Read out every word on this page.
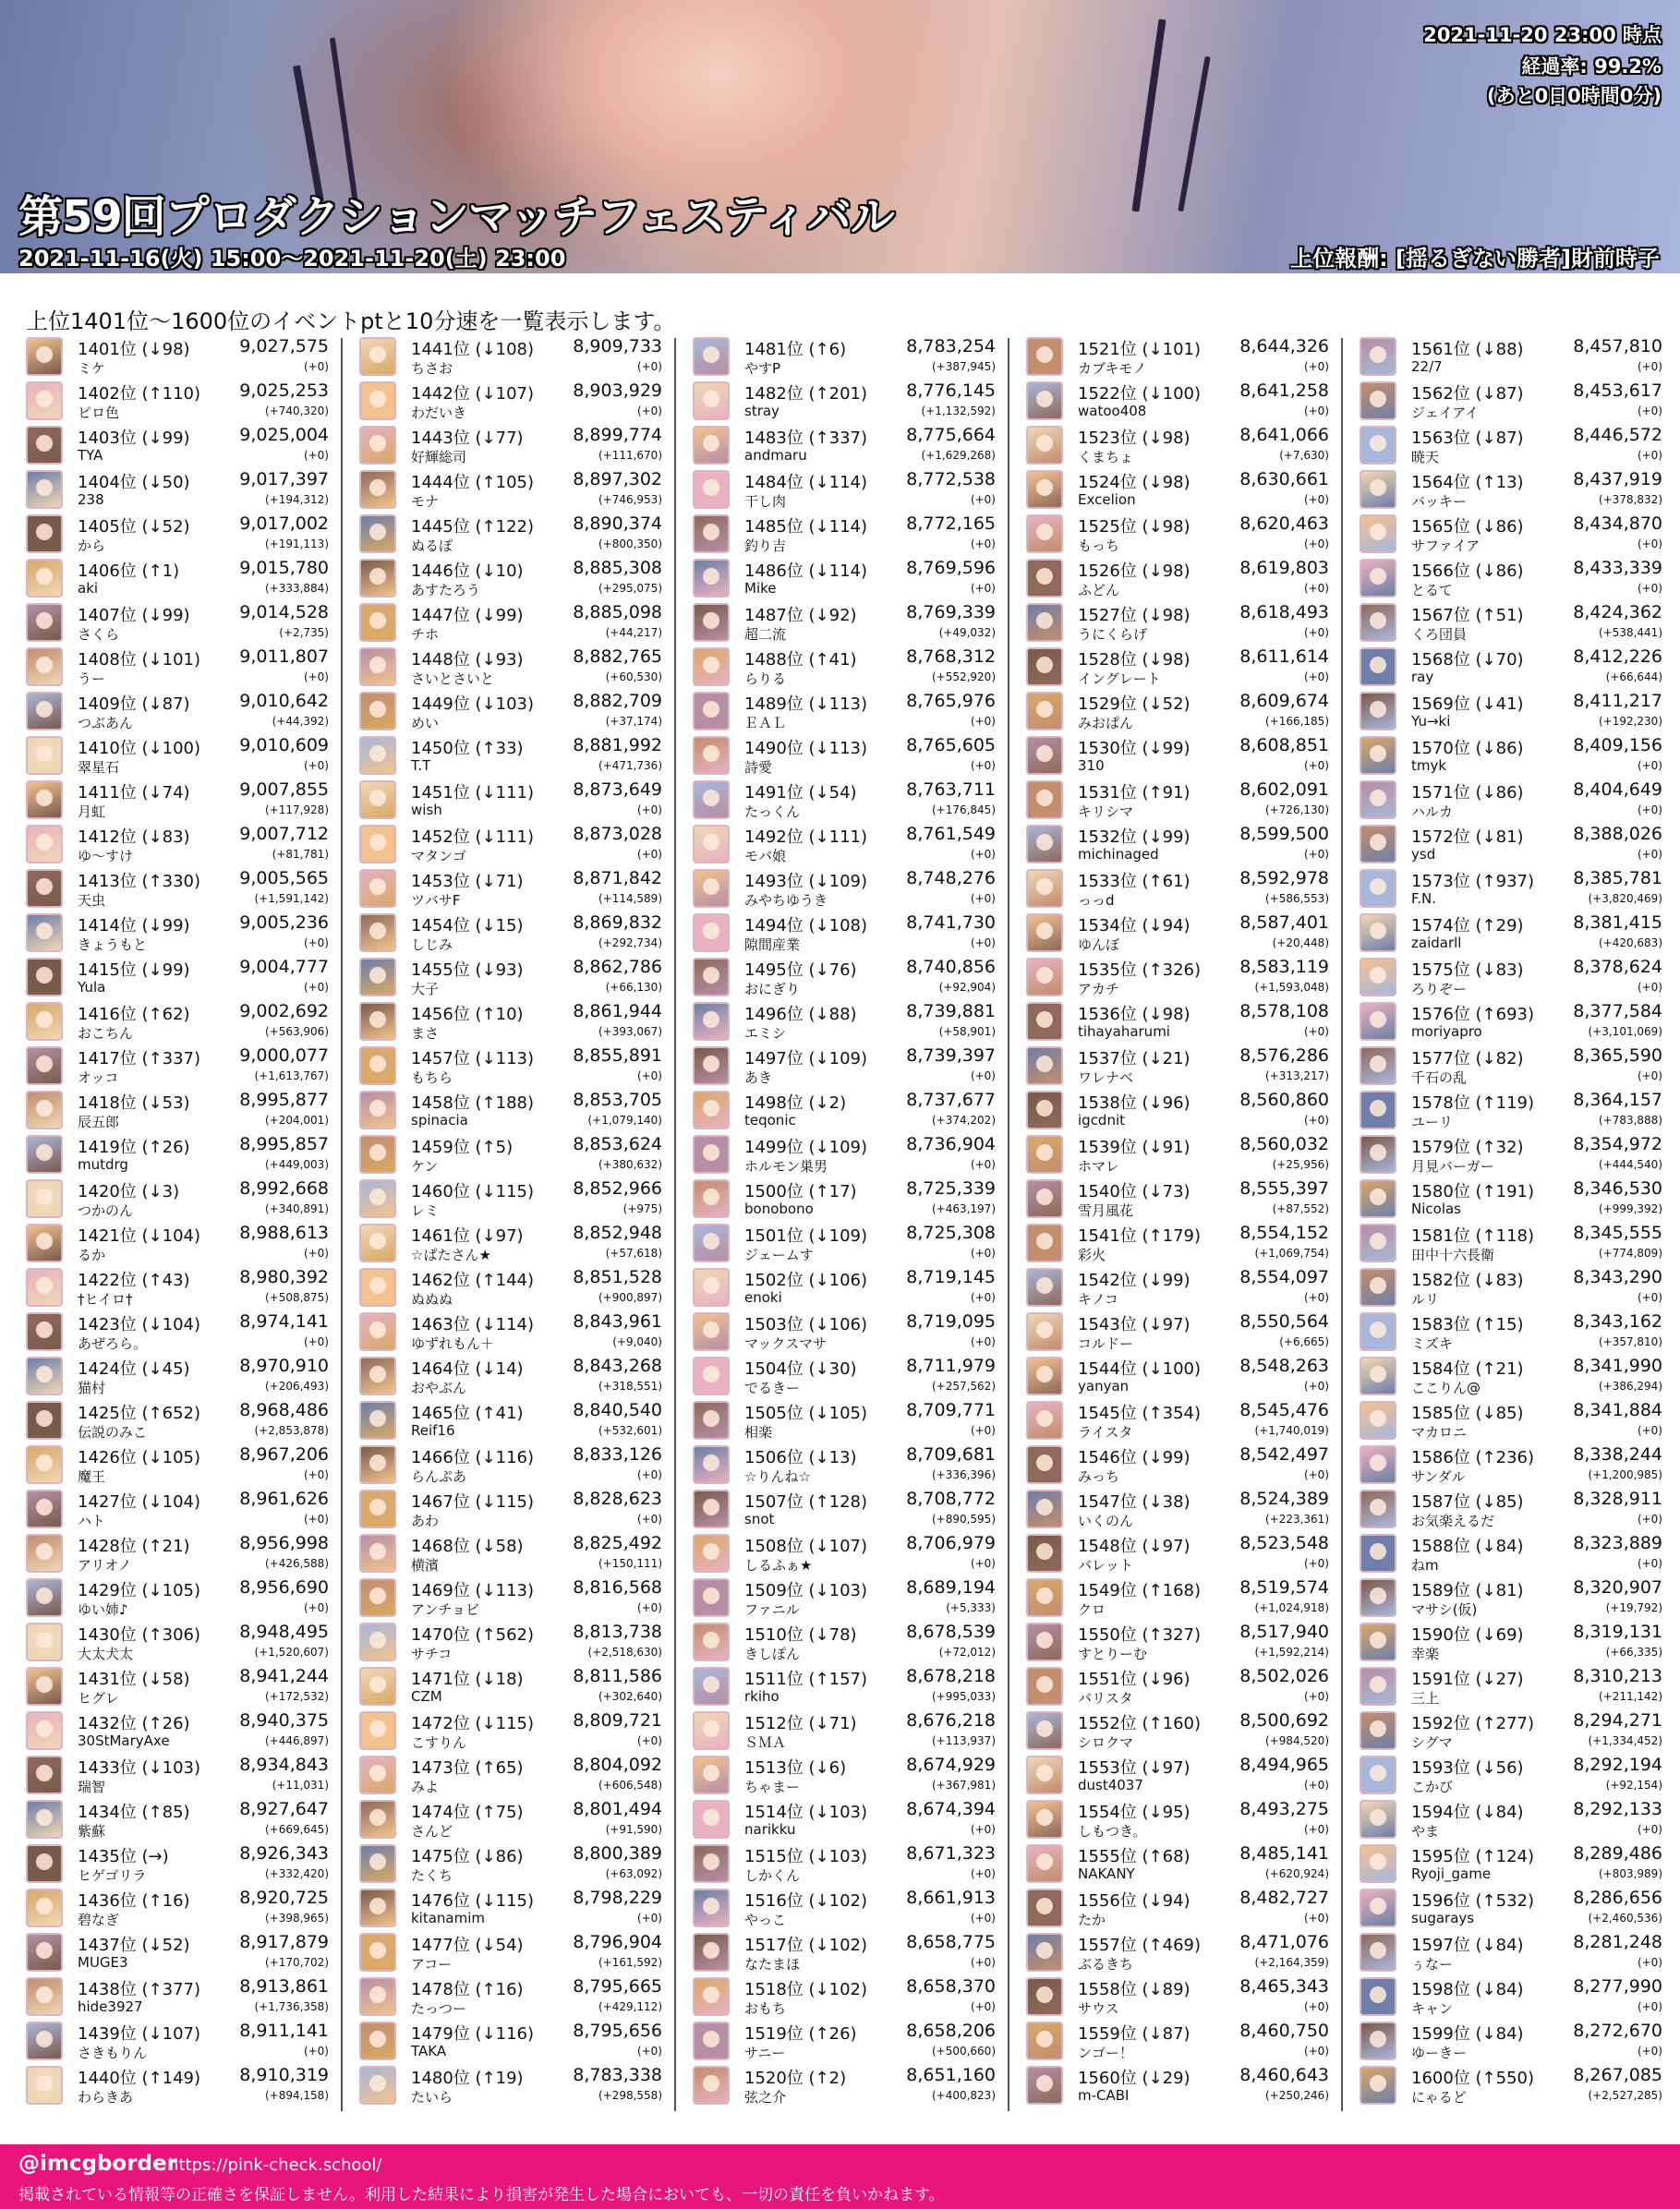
2021-11-20 23:00 時点
経過率: 99.2%
(あと0日0時間0分)
第59回プロダクションマッチフェスティバル
2021-11-16(火) 15:00～2021-11-20(土) 23:00	上位報酬: [揺るぎない勝者]財前時子
上位1401位～1600位のイベントptと10分速を一覧表示します。
1401位 (↓98)
ミケ
9,027,575
(+0)
1402位 (↑110)
ピロ色
9,025,253
(+740,320)
1403位 (↓99)
TYA
9,025,004
(+0)
1404位 (↓50)
238
9,017,397
(+194,312)
1405位 (↓52)
から
9,017,002
(+191,113)
1406位 (↑1)
aki
9,015,780
(+333,884)
1407位 (↓99)
さくら
9,014,528
(+2,735)
1408位 (↓101)
うー
9,011,807
(+0)
1409位 (↓87)
つぶあん
9,010,642
(+44,392)
1410位 (↓100)
翠星石
9,010,609
(+0)
1411位 (↓74)
月虹
9,007,855
(+117,928)
1412位 (↓83)
ゆ～すけ
9,007,712
(+81,781)
1413位 (↑330)
天虫
9,005,565
(+1,591,142)
1414位 (↓99)
きょうもと
9,005,236
(+0)
1415位 (↓99)
Yula
9,004,777
(+0)
1416位 (↑62)
おこちん
9,002,692
(+563,906)
1417位 (↑337)
オッコ
9,000,077
(+1,613,767)
1418位 (↓53)
辰五郎
8,995,877
(+204,001)
1419位 (↑26)
mutdrg
8,995,857
(+449,003)
1420位 (↓3)
つかのん
8,992,668
(+340,891)
1421位 (↓104)
るか
8,988,613
(+0)
1422位 (↑43)
†ヒイロ†
8,980,392
(+508,875)
1423位 (↓104)
あぜろら。
8,974,141
(+0)
1424位 (↓45)
猫村
8,970,910
(+206,493)
1425位 (↑652)
伝説のみこ
8,968,486
(+2,853,878)
1426位 (↓105)
魔王
8,967,206
(+0)
1427位 (↓104)
ハト
8,961,626
(+0)
1428位 (↑21)
アリオノ
8,956,998
(+426,588)
1429位 (↓105)
ゆい姉♪
8,956,690
(+0)
1430位 (↑306)
大太犬太
8,948,495
(+1,520,607)
1431位 (↓58)
ヒグレ
8,941,244
(+172,532)
1432位 (↑26)
30StMaryAxe
8,940,375
(+446,897)
1433位 (↓103)
瑞智
8,934,843
(+11,031)
1434位 (↑85)
紫蘇
8,927,647
(+669,645)
1435位 (→)
ヒゲゴリラ
8,926,343
(+332,420)
1436位 (↑16)
碧なぎ
8,920,725
(+398,965)
1437位 (↓52)
MUGE3
8,917,879
(+170,702)
1438位 (↑377)
hide3927
8,913,861
(+1,736,358)
1439位 (↓107)
さきもりん
8,911,141
(+0)
1440位 (↑149)
わらきあ
8,910,319
(+894,158)
1441位 (↓108)
ちさお
8,909,733
(+0)
1442位 (↓107)
わだいき
8,903,929
(+0)
1443位 (↓77)
好輝総司
8,899,774
(+111,670)
1444位 (↑105)
モナ
8,897,302
(+746,953)
1445位 (↑122)
ぬるぽ
8,890,374
(+800,350)
1446位 (↓10)
あすたろう
8,885,308
(+295,075)
1447位 (↓99)
チホ
8,885,098
(+44,217)
1448位 (↓93)
さいとさいと
8,882,765
(+60,530)
1449位 (↓103)
めい
8,882,709
(+37,174)
1450位 (↑33)
T.T
8,881,992
(+471,736)
1451位 (↓111)
wish
8,873,649
(+0)
1452位 (↓111)
マタンゴ
8,873,028
(+0)
1453位 (↓71)
ツバサF
8,871,842
(+114,589)
1454位 (↓15)
しじみ
8,869,832
(+292,734)
1455位 (↓93)
大子
8,862,786
(+66,130)
1456位 (↑10)
まさ
8,861,944
(+393,067)
1457位 (↓113)
もちら
8,855,891
(+0)
1458位 (↑188)
spinacia
8,853,705
(+1,079,140)
1459位 (↑5)
ケン
8,853,624
(+380,632)
1460位 (↓115)
レミ
8,852,966
(+975)
1461位 (↓97)
☆ぱたさん★
8,852,948
(+57,618)
1462位 (↑144)
ぬぬぬ
8,851,528
(+900,897)
1463位 (↓114)
ゆずれもん＋
8,843,961
(+9,040)
1464位 (↓14)
おやぶん
8,843,268
(+318,551)
1465位 (↑41)
Reif16
8,840,540
(+532,601)
1466位 (↓116)
らんぷあ
8,833,126
(+0)
1467位 (↓115)
あわ
8,828,623
(+0)
1468位 (↓58)
横濱
8,825,492
(+150,111)
1469位 (↓113)
アンチョビ
8,816,568
(+0)
1470位 (↑562)
サチコ
8,813,738
(+2,518,630)
1471位 (↓18)
CZM
8,811,586
(+302,640)
1472位 (↓115)
こすりん
8,809,721
(+0)
1473位 (↑65)
みよ
8,804,092
(+606,548)
1474位 (↑75)
さんど
8,801,494
(+91,590)
1475位 (↓86)
たくち
8,800,389
(+63,092)
1476位 (↓115)
kitanamim
8,798,229
(+0)
1477位 (↓54)
アコー
8,796,904
(+161,592)
1478位 (↑16)
たっつー
8,795,665
(+429,112)
1479位 (↓116)
TAKA
8,795,656
(+0)
1480位 (↑19)
たいら
8,783,338
(+298,558)
1481位 (↑6)
やすP
8,783,254
(+387,945)
1482位 (↑201)
stray
8,776,145
(+1,132,592)
1483位 (↑337)
andmaru
8,775,664
(+1,629,268)
1484位 (↓114)
干し肉
8,772,538
(+0)
1485位 (↓114)
釣り吉
8,772,165
(+0)
1486位 (↓114)
Mike
8,769,596
(+0)
1487位 (↓92)
超二流
8,769,339
(+49,032)
1488位 (↑41)
らりる
8,768,312
(+552,920)
1489位 (↓113)
ＥＡＬ
8,765,976
(+0)
1490位 (↓113)
詩愛
8,765,605
(+0)
1491位 (↓54)
たっくん
8,763,711
(+176,845)
1492位 (↓111)
モバ娘
8,761,549
(+0)
1493位 (↓109)
みやちゆうき
8,748,276
(+0)
1494位 (↓108)
隙間産業
8,741,730
(+0)
1495位 (↓76)
おにぎり
8,740,856
(+92,904)
1496位 (↓88)
エミシ
8,739,881
(+58,901)
1497位 (↓109)
あき
8,739,397
(+0)
1498位 (↓2)
teqonic
8,737,677
(+374,202)
1499位 (↓109)
ホルモン巣男
8,736,904
(+0)
1500位 (↑17)
bonobono
8,725,339
(+463,197)
1501位 (↓109)
ジェームす
8,725,308
(+0)
1502位 (↓106)
enoki
8,719,145
(+0)
1503位 (↓106)
マックスマサ
8,719,095
(+0)
1504位 (↓30)
でるきー
8,711,979
(+257,562)
1505位 (↓105)
相楽
8,709,771
(+0)
1506位 (↓13)
☆りんね☆
8,709,681
(+336,396)
1507位 (↑128)
snot
8,708,772
(+890,595)
1508位 (↓107)
しるふぁ★
8,706,979
(+0)
1509位 (↓103)
ファニル
8,689,194
(+5,333)
1510位 (↓78)
きしぽん
8,678,539
(+72,012)
1511位 (↑157)
rkiho
8,678,218
(+995,033)
1512位 (↓71)
ＳＭＡ
8,676,218
(+113,937)
1513位 (↓6)
ちゃまー
8,674,929
(+367,981)
1514位 (↓103)
narikku
8,674,394
(+0)
1515位 (↓103)
しかくん
8,671,323
(+0)
1516位 (↓102)
やっこ
8,661,913
(+0)
1517位 (↓102)
なたまほ
8,658,775
(+0)
1518位 (↓102)
おもち
8,658,370
(+0)
1519位 (↑26)
サニー
8,658,206
(+500,660)
1520位 (↑2)
弦之介
8,651,160
(+400,823)
1521位 (↓101)
カブキモノ
8,644,326
(+0)
1522位 (↓100)
watoo408
8,641,258
(+0)
1523位 (↓98)
くまちょ
8,641,066
(+7,630)
1524位 (↓98)
Excelion
8,630,661
(+0)
1525位 (↓98)
もっち
8,620,463
(+0)
1526位 (↓98)
ふどん
8,619,803
(+0)
1527位 (↓98)
うにくらげ
8,618,493
(+0)
1528位 (↓98)
イングレート
8,611,614
(+0)
1529位 (↓52)
みおぱん
8,609,674
(+166,185)
1530位 (↓99)
310
8,608,851
(+0)
1531位 (↑91)
キリシマ
8,602,091
(+726,130)
1532位 (↓99)
michinaged
8,599,500
(+0)
1533位 (↑61)
っっd
8,592,978
(+586,553)
1534位 (↓94)
ゆんぼ
8,587,401
(+20,448)
1535位 (↑326)
アカチ
8,583,119
(+1,593,048)
1536位 (↓98)
tihayaharumi
8,578,108
(+0)
1537位 (↓21)
ワレナベ
8,576,286
(+313,217)
1538位 (↓96)
igcdnit
8,560,860
(+0)
1539位 (↓91)
ホマレ
8,560,032
(+25,956)
1540位 (↓73)
雪月風花
8,555,397
(+87,552)
1541位 (↑179)
彩火
8,554,152
(+1,069,754)
1542位 (↓99)
キノコ
8,554,097
(+0)
1543位 (↓97)
コルドー
8,550,564
(+6,665)
1544位 (↓100)
yanyan
8,548,263
(+0)
1545位 (↑354)
ライスタ
8,545,476
(+1,740,019)
1546位 (↓99)
みっち
8,542,497
(+0)
1547位 (↓38)
いくのん
8,524,389
(+223,361)
1548位 (↓97)
バレット
8,523,548
(+0)
1549位 (↑168)
クロ
8,519,574
(+1,024,918)
1550位 (↑327)
すとりーむ
8,517,940
(+1,592,214)
1551位 (↓96)
バリスタ
8,502,026
(+0)
1552位 (↑160)
シロクマ
8,500,692
(+984,520)
1553位 (↓97)
dust4037
8,494,965
(+0)
1554位 (↓95)
しもつき。
8,493,275
(+0)
1555位 (↑68)
NAKANY
8,485,141
(+620,924)
1556位 (↓94)
たか
8,482,727
(+0)
1557位 (↑469)
ぶるきち
8,471,076
(+2,164,359)
1558位 (↓89)
サウス
8,465,343
(+0)
1559位 (↓87)
ンゴー！
8,460,750
(+0)
1560位 (↓29)
m-CABI
8,460,643
(+250,246)
1561位 (↓88)
22/7
8,457,810
(+0)
1562位 (↓87)
ジェイアイ
8,453,617
(+0)
1563位 (↓87)
暁天
8,446,572
(+0)
1564位 (↑13)
バッキー
8,437,919
(+378,832)
1565位 (↓86)
サファイア
8,434,870
(+0)
1566位 (↓86)
とるて
8,433,339
(+0)
1567位 (↑51)
くろ団員
8,424,362
(+538,441)
1568位 (↓70)
ray
8,412,226
(+66,644)
1569位 (↓41)
Yu→ki
8,411,217
(+192,230)
1570位 (↓86)
tmyk
8,409,156
(+0)
1571位 (↓86)
ハルカ
8,404,649
(+0)
1572位 (↓81)
ysd
8,388,026
(+0)
1573位 (↑937)
F.N.
8,385,781
(+3,820,469)
1574位 (↑29)
zaidarll
8,381,415
(+420,683)
1575位 (↓83)
ろりぞー
8,378,624
(+0)
1576位 (↑693)
moriyapro
8,377,584
(+3,101,069)
1577位 (↓82)
千石の乱
8,365,590
(+0)
1578位 (↑119)
ユーリ
8,364,157
(+783,888)
1579位 (↑32)
月見バーガー
8,354,972
(+444,540)
1580位 (↑191)
Nicolas
8,346,530
(+999,392)
1581位 (↑118)
田中十六長衛
8,345,555
(+774,809)
1582位 (↓83)
ルリ
8,343,290
(+0)
1583位 (↑15)
ミズキ
8,343,162
(+357,810)
1584位 (↑21)
ここりん@
8,341,990
(+386,294)
1585位 (↓85)
マカロニ
8,341,884
(+0)
1586位 (↑236)
サンダル
8,338,244
(+1,200,985)
1587位 (↓85)
お気楽えるだ
8,328,911
(+0)
1588位 (↓84)
ねm
8,323,889
(+0)
1589位 (↓81)
マサシ(仮)
8,320,907
(+19,792)
1590位 (↓69)
幸楽
8,319,131
(+66,335)
1591位 (↓27)
三上
8,310,213
(+211,142)
1592位 (↑277)
シグマ
8,294,271
(+1,334,452)
1593位 (↓56)
こかび
8,292,194
(+92,154)
1594位 (↓84)
やま
8,292,133
(+0)
1595位 (↑124)
Ryoji_game
8,289,486
(+803,989)
1596位 (↑532)
sugarays
8,286,656
(+2,460,536)
1597位 (↓84)
ぅなー
8,281,248
(+0)
1598位 (↓84)
キャン
8,277,990
(+0)
1599位 (↓84)
ゆーきー
8,272,670
(+0)
1600位 (↑550)
にゃるど
8,267,085
(+2,527,285)
@imcgborder
https://pink-check.school/
掲載されている情報等の正確さを保証しません。利用した結果により損害が発生した場合においても、一切の責任を負いかねます。
